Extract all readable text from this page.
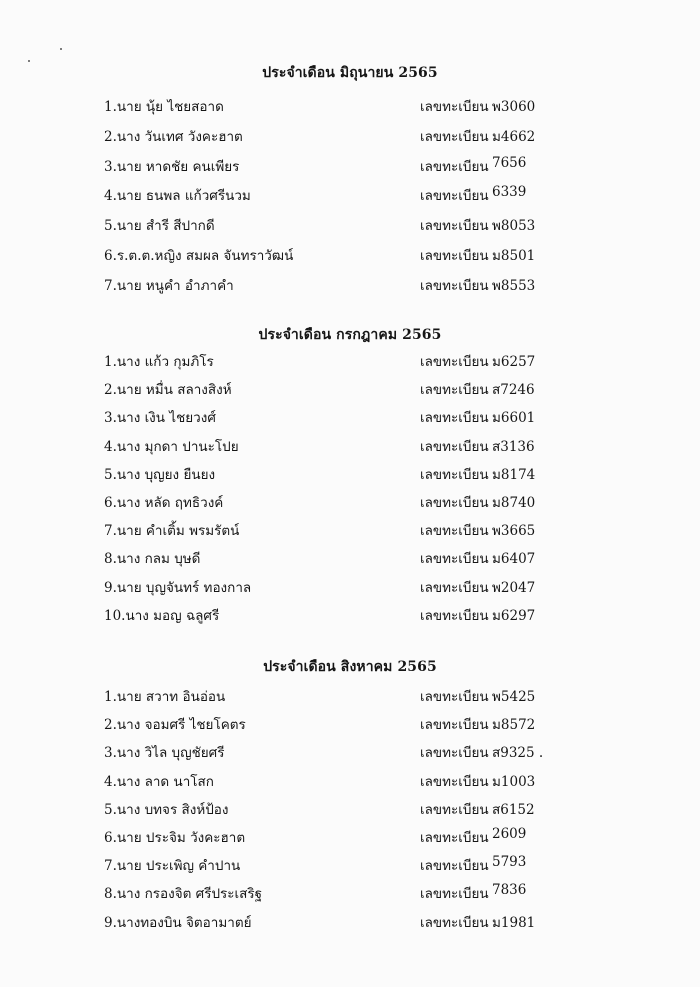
ประจำเดือน มิถุนายน 2565
1.นาย นุ้ย ไชยสอาด	เลขทะเบียน พ3060
2.นาง วันเทศ วังคะฮาต	เลขทะเบียน ม4662
3.นาย หาดชัย คนเพียร	เลขทะเบียน 7656
4.นาย ธนพล แก้วศรีนวม	เลขทะเบียน 6339
5.นาย สำรี สีปากดี	เลขทะเบียน พ8053
6.ร.ต.ต.หญิง สมผล จันทราวัฒน์	เลขทะเบียน ม8501
7.นาย หนูคำ อำภาคำ	เลขทะเบียน พ8553
ประจำเดือน กรกฎาคม 2565
1.นาง แก้ว กุมภิโร	เลขทะเบียน ม6257
2.นาย หมื่น สลางสิงห์	เลขทะเบียน ส7246
3.นาง เงิน ไชยวงศ์	เลขทะเบียน ม6601
4.นาง มุกดา ปานะโปย	เลขทะเบียน ส3136
5.นาง บุญยง ยืนยง	เลขทะเบียน ม8174
6.นาง หลัด ฤทธิวงค์	เลขทะเบียน ม8740
7.นาย คำเติ้ม พรมรัตน์	เลขทะเบียน พ3665
8.นาง กลม บุษดี	เลขทะเบียน ม6407
9.นาย บุญจันทร์ ทองกาล	เลขทะเบียน พ2047
10.นาง มอญ ฉลูศรี	เลขทะเบียน ม6297
ประจำเดือน สิงหาคม 2565
1.นาย สวาท อินอ่อน	เลขทะเบียน พ5425
2.นาง จอมศรี ไชยโคตร	เลขทะเบียน ม8572
3.นาง วิไล บุญชัยศรี	เลขทะเบียน ส9325 .
4.นาง ลาด นาโสก	เลขทะเบียน ม1003
5.นาง บทจร สิงห์ป้อง	เลขทะเบียน ส6152
6.นาย ประจิม วังคะฮาต	เลขทะเบียน 2609
7.นาย ประเพิญ คำปาน	เลขทะเบียน 5793
8.นาง กรองจิต ศรีประเสริฐ	เลขทะเบียน 7836
9.นางทองบิน จิตอามาตย์	เลขทะเบียน ม1981
